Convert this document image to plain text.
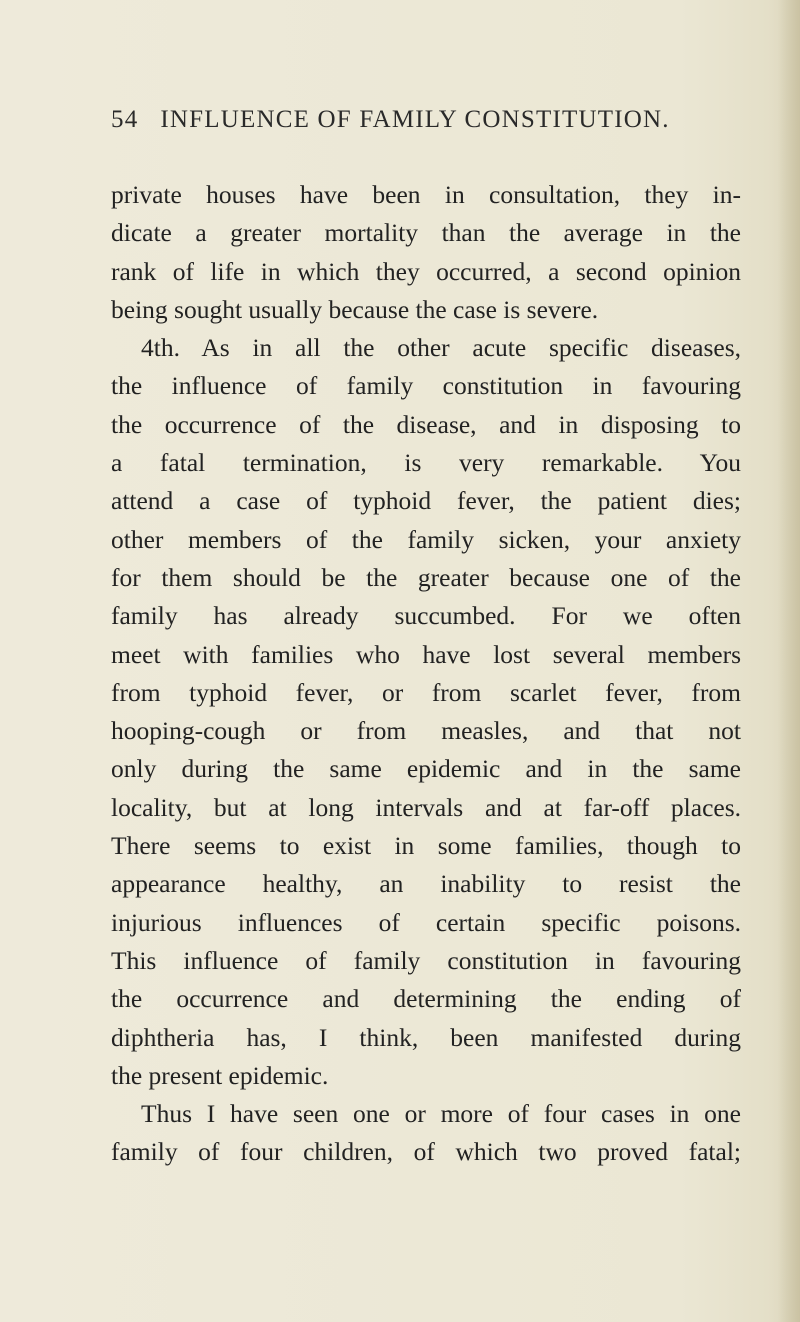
54 INFLUENCE OF FAMILY CONSTITUTION.
private houses have been in consultation, they in-
dicate a greater mortality than the average in the
rank of life in which they occurred, a second opinion
being sought usually because the case is severe.
4th. As in all the other acute specific diseases,
the influence of family constitution in favouring
the occurrence of the disease, and in disposing to
a fatal termination, is very remarkable. You
attend a case of typhoid fever, the patient dies;
other members of the family sicken, your anxiety
for them should be the greater because one of the
family has already succumbed. For we often
meet with families who have lost several members
from typhoid fever, or from scarlet fever, from
hooping-cough or from measles, and that not
only during the same epidemic and in the same
locality, but at long intervals and at far-off places.
There seems to exist in some families, though to
appearance healthy, an inability to resist the
injurious influences of certain specific poisons.
This influence of family constitution in favouring
the occurrence and determining the ending of
diphtheria has, I think, been manifested during
the present epidemic.
Thus I have seen one or more of four cases in one
family of four children, of which two proved fatal;
